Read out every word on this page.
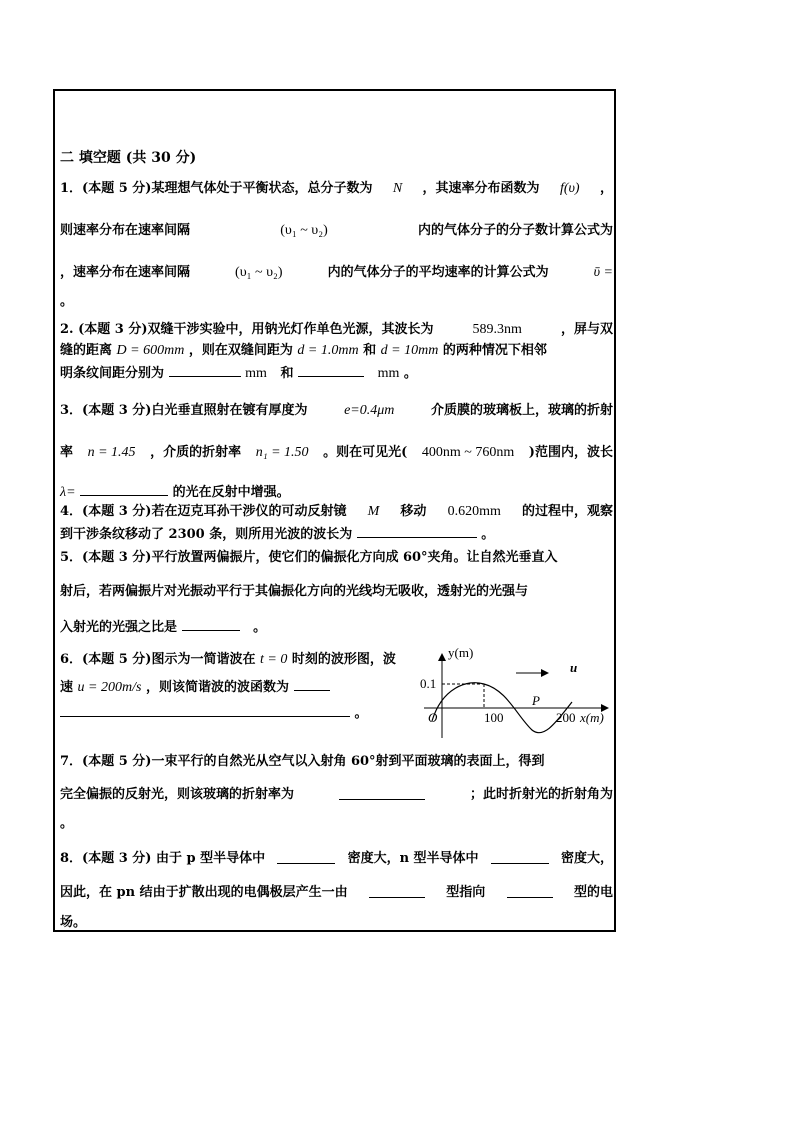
二 填空题 (共 30 分)
1．(本题 5 分)某理想气体处于平衡状态，总分子数为 N ，其速率分布函数为 f(υ) ，
则速率分布在速率间隔	(υ₁ ~ υ₂)	内的气体分子的分子数计算公式为
，速率分布在速率间隔	(υ₁ ~ υ₂)	内的气体分子的平均速率的计算公式为	ῡ =
。
2. (本题 3 分)双缝干涉实验中，用钠光灯作单色光源，其波长为	589.3nm	，屏与双
缝的距离 D = 600mm ，则在双缝间距为 d = 1.0mm 和 d = 10mm 的两种情况下相邻
明条纹间距分别为	mm 和	mm 。
3．(本题 3 分)白光垂直照射在镀有厚度为	e=0.4μm	介质膜的玻璃板上，玻璃的折射
率 n = 1.45 ，介质的折射率 n₁ = 1.50 。则在可见光( 400nm ~ 760nm )范围内，波长
λ=	的光在反射中增强。
4．(本题 3 分)若在迈克耳孙干涉仪的可动反射镜 M 移动 0.620mm 的过程中，观察
到干涉条纹移动了 2300 条，则所用光波的波长为	。
5．(本题 3 分)平行放置两偏振片，使它们的偏振化方向成 60°夹角。让自然光垂直入
射后，若两偏振片对光振动平行于其偏振化方向的光线均无吸收，透射光的光强与
入射光的光强之比是	。
6．(本题 5 分)图示为一简谐波在 t = 0 时刻的波形图，波
速 u = 200m/s ，则该简谐波的波函数为
。
y(m)
u
0.1
O
P
100	200 x(m)
7．(本题 5 分)一束平行的自然光从空气以入射角 60°射到平面玻璃的表面上，得到
完全偏振的反射光，则该玻璃的折射率为	；此时折射光的折射角为
。
8．(本题 3 分) 由于 p 型半导体中	密度大，n 型半导体中	密度大，
因此，在 pn 结由于扩散出现的电偶极层产生一由	型指向	型的电
场。
